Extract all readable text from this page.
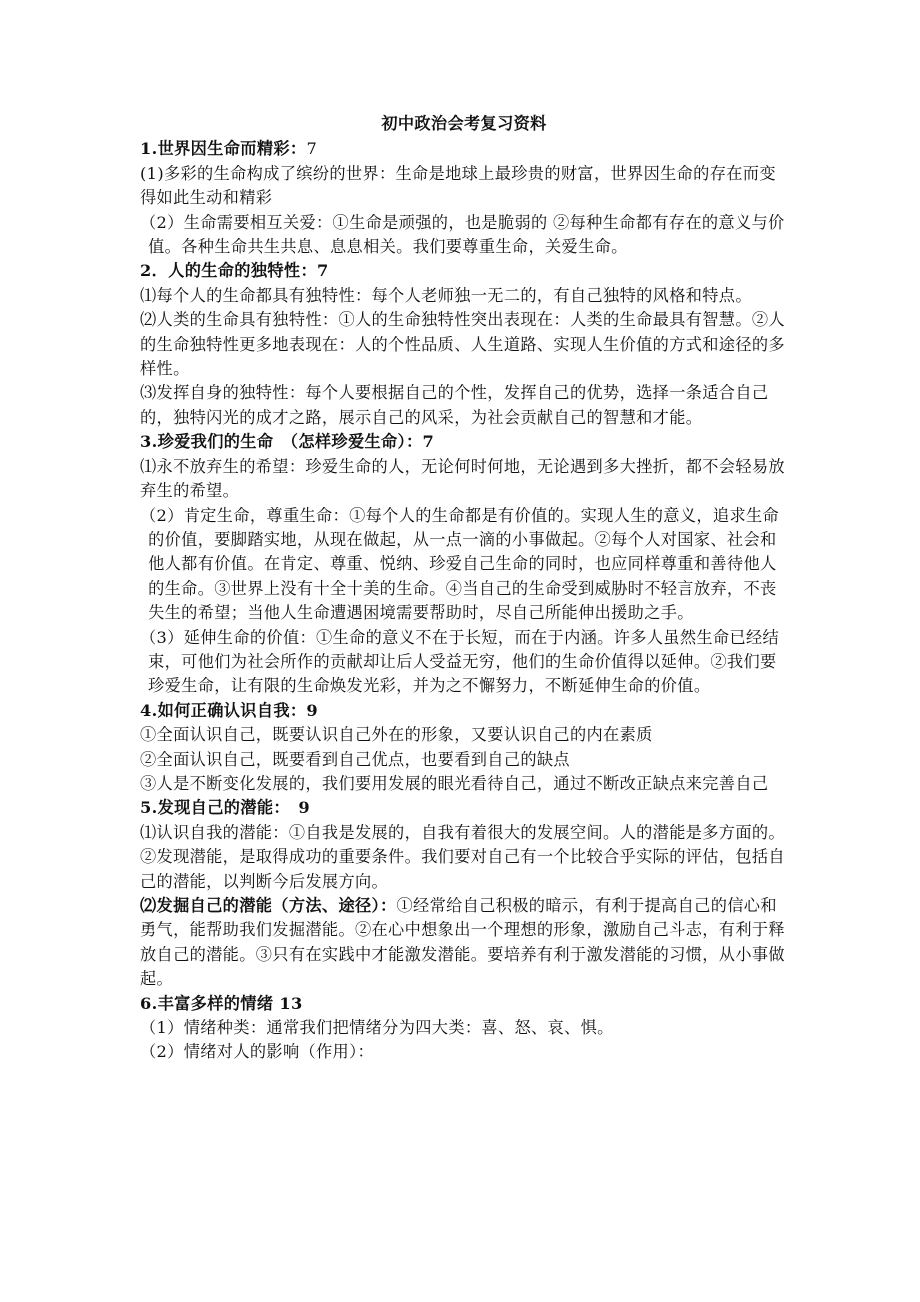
初中政治会考复习资料

1.世界因生命而精彩：7

(1)多彩的生命构成了缤纷的世界：生命是地球上最珍贵的财富，世界因生命的存在而变得如此生动和精彩

（2）生命需要相互关爱：①生命是顽强的，也是脆弱的 ②每种生命都有存在的意义与价值。各种生命共生共息、息息相关。我们要尊重生命，关爱生命。

2．人的生命的独特性：7

⑴每个人的生命都具有独特性：每个人老师独一无二的，有自己独特的风格和特点。

⑵人类的生命具有独特性：①人的生命独特性突出表现在：人类的生命最具有智慧。②人的生命独特性更多地表现在：人的个性品质、人生道路、实现人生价值的方式和途径的多样性。

⑶发挥自身的独特性：每个人要根据自己的个性，发挥自己的优势，选择一条适合自己的，独特闪光的成才之路，展示自己的风采，为社会贡献自己的智慧和才能。

3.珍爱我们的生命　（怎样珍爱生命）：7

⑴永不放弃生的希望：珍爱生命的人，无论何时何地，无论遇到多大挫折，都不会轻易放弃生的希望。

（2）肯定生命，尊重生命：①每个人的生命都是有价值的。实现人生的意义，追求生命的价值，要脚踏实地，从现在做起，从一点一滴的小事做起。②每个人对国家、社会和他人都有价值。在肯定、尊重、悦纳、珍爱自己生命的同时，也应同样尊重和善待他人的生命。③世界上没有十全十美的生命。④当自己的生命受到威胁时不轻言放弃，不丧失生的希望；当他人生命遭遇困境需要帮助时，尽自己所能伸出援助之手。

（3）延伸生命的价值：①生命的意义不在于长短，而在于内涵。许多人虽然生命已经结束，可他们为社会所作的贡献却让后人受益无穷，他们的生命价值得以延伸。②我们要珍爱生命，让有限的生命焕发光彩，并为之不懈努力，不断延伸生命的价值。

4.如何正确认识自我：9

①全面认识自己，既要认识自己外在的形象，又要认识自己的内在素质

②全面认识自己，既要看到自己优点，也要看到自己的缺点

③人是不断变化发展的，我们要用发展的眼光看待自己，通过不断改正缺点来完善自己

5.发现自己的潜能：　9

⑴认识自我的潜能：①自我是发展的，自我有着很大的发展空间。人的潜能是多方面的。②发现潜能，是取得成功的重要条件。我们要对自己有一个比较合乎实际的评估，包括自己的潜能，以判断今后发展方向。

⑵发掘自己的潜能（方法、途径）：①经常给自己积极的暗示，有利于提高自己的信心和勇气，能帮助我们发掘潜能。②在心中想象出一个理想的形象，激励自己斗志，有利于释放自己的潜能。③只有在实践中才能激发潜能。要培养有利于激发潜能的习惯，从小事做起。

6.丰富多样的情绪 13

（1）情绪种类：通常我们把情绪分为四大类：喜、怒、哀、惧。

（2）情绪对人的影响（作用）：
